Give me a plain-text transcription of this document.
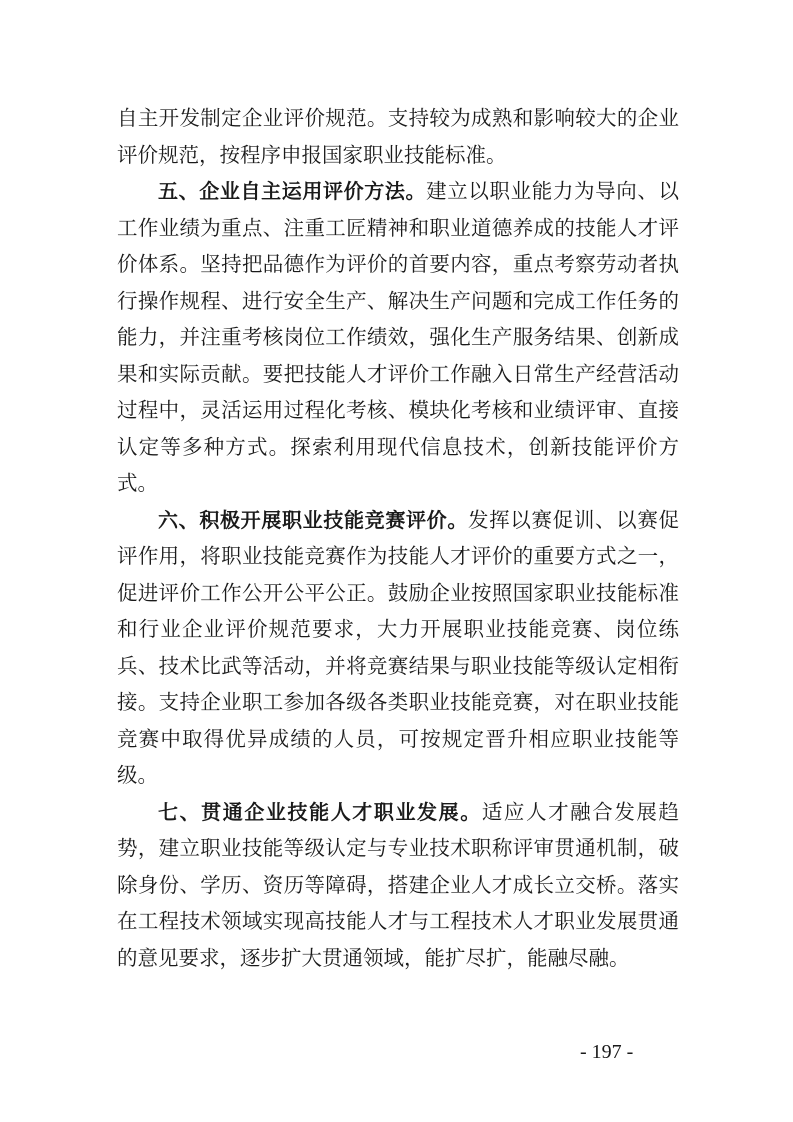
自主开发制定企业评价规范。支持较为成熟和影响较大的企业评价规范，按程序申报国家职业技能标准。

五、企业自主运用评价方法。建立以职业能力为导向、以工作业绩为重点、注重工匠精神和职业道德养成的技能人才评价体系。坚持把品德作为评价的首要内容，重点考察劳动者执行操作规程、进行安全生产、解决生产问题和完成工作任务的能力，并注重考核岗位工作绩效，强化生产服务结果、创新成果和实际贡献。要把技能人才评价工作融入日常生产经营活动过程中，灵活运用过程化考核、模块化考核和业绩评审、直接认定等多种方式。探索利用现代信息技术，创新技能评价方式。

六、积极开展职业技能竞赛评价。发挥以赛促训、以赛促评作用，将职业技能竞赛作为技能人才评价的重要方式之一，促进评价工作公开公平公正。鼓励企业按照国家职业技能标准和行业企业评价规范要求，大力开展职业技能竞赛、岗位练兵、技术比武等活动，并将竞赛结果与职业技能等级认定相衔接。支持企业职工参加各级各类职业技能竞赛，对在职业技能竞赛中取得优异成绩的人员，可按规定晋升相应职业技能等级。

七、贯通企业技能人才职业发展。适应人才融合发展趋势，建立职业技能等级认定与专业技术职称评审贯通机制，破除身份、学历、资历等障碍，搭建企业人才成长立交桥。落实在工程技术领域实现高技能人才与工程技术人才职业发展贯通的意见要求，逐步扩大贯通领域，能扩尽扩，能融尽融。

- 197 -
